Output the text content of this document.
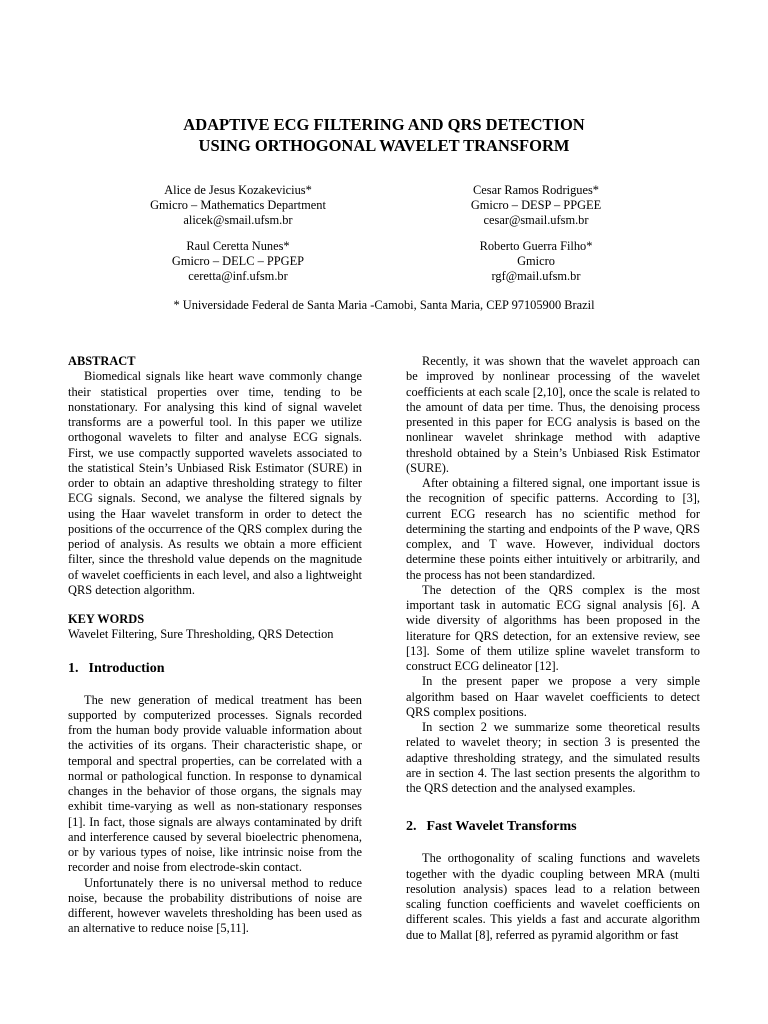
ADAPTIVE ECG FILTERING AND QRS DETECTION
USING ORTHOGONAL WAVELET TRANSFORM
Alice de Jesus Kozakevicius*
Gmicro – Mathematics Department
alicek@smail.ufsm.br
Cesar Ramos Rodrigues*
Gmicro – DESP – PPGEE
cesar@smail.ufsm.br
Raul Ceretta Nunes*
Gmicro – DELC – PPGEP
ceretta@inf.ufsm.br
Roberto Guerra Filho*
Gmicro
rgf@mail.ufsm.br
* Universidade Federal de Santa Maria -Camobi, Santa Maria, CEP 97105900 Brazil
ABSTRACT

Biomedical signals like heart wave commonly change their statistical properties over time, tending to be nonstationary. For analysing this kind of signal wavelet transforms are a powerful tool. In this paper we utilize orthogonal wavelets to filter and analyse ECG signals. First, we use compactly supported wavelets associated to the statistical Stein’s Unbiased Risk Estimator (SURE) in order to obtain an adaptive thresholding strategy to filter ECG signals. Second, we analyse the filtered signals by using the Haar wavelet transform in order to detect the positions of the occurrence of the QRS complex during the period of analysis. As results we obtain a more efficient filter, since the threshold value depends on the magnitude of wavelet coefficients in each level, and also a lightweight QRS detection algorithm.

KEY WORDS
Wavelet Filtering, Sure Thresholding, QRS Detection
1. Introduction

The new generation of medical treatment has been supported by computerized processes. Signals recorded from the human body provide valuable information about the activities of its organs. Their characteristic shape, or temporal and spectral properties, can be correlated with a normal or pathological function. In response to dynamical changes in the behavior of those organs, the signals may exhibit time-varying as well as non-stationary responses [1]. In fact, those signals are always contaminated by drift and interference caused by several bioelectric phenomena, or by various types of noise, like intrinsic noise from the recorder and noise from electrode-skin contact.

Unfortunately there is no universal method to reduce noise, because the probability distributions of noise are different, however wavelets thresholding has been used as an alternative to reduce noise [5,11].

Recently, it was shown that the wavelet approach can be improved by nonlinear processing of the wavelet coefficients at each scale [2,10], once the scale is related to the amount of data per time. Thus, the denoising process presented in this paper for ECG analysis is based on the nonlinear wavelet shrinkage method with adaptive threshold obtained by a Stein’s Unbiased Risk Estimator (SURE).

After obtaining a filtered signal, one important issue is the recognition of specific patterns. According to [3], current ECG research has no scientific method for determining the starting and endpoints of the P wave, QRS complex, and T wave. However, individual doctors determine these points either intuitively or arbitrarily, and the process has not been standardized.

The detection of the QRS complex is the most important task in automatic ECG signal analysis [6]. A wide diversity of algorithms has been proposed in the literature for QRS detection, for an extensive review, see [13]. Some of them utilize spline wavelet transform to construct ECG delineator [12].

In the present paper we propose a very simple algorithm based on Haar wavelet coefficients to detect QRS complex positions.

In section 2 we summarize some theoretical results related to wavelet theory; in section 3 is presented the adaptive thresholding strategy, and the simulated results are in section 4. The last section presents the algorithm to the QRS detection and the analysed examples.

2. Fast Wavelet Transforms

The orthogonality of scaling functions and wavelets together with the dyadic coupling between MRA (multi resolution analysis) spaces lead to a relation between scaling function coefficients and wavelet coefficients on different scales. This yields a fast and accurate algorithm due to Mallat [8], referred as pyramid algorithm or fast
